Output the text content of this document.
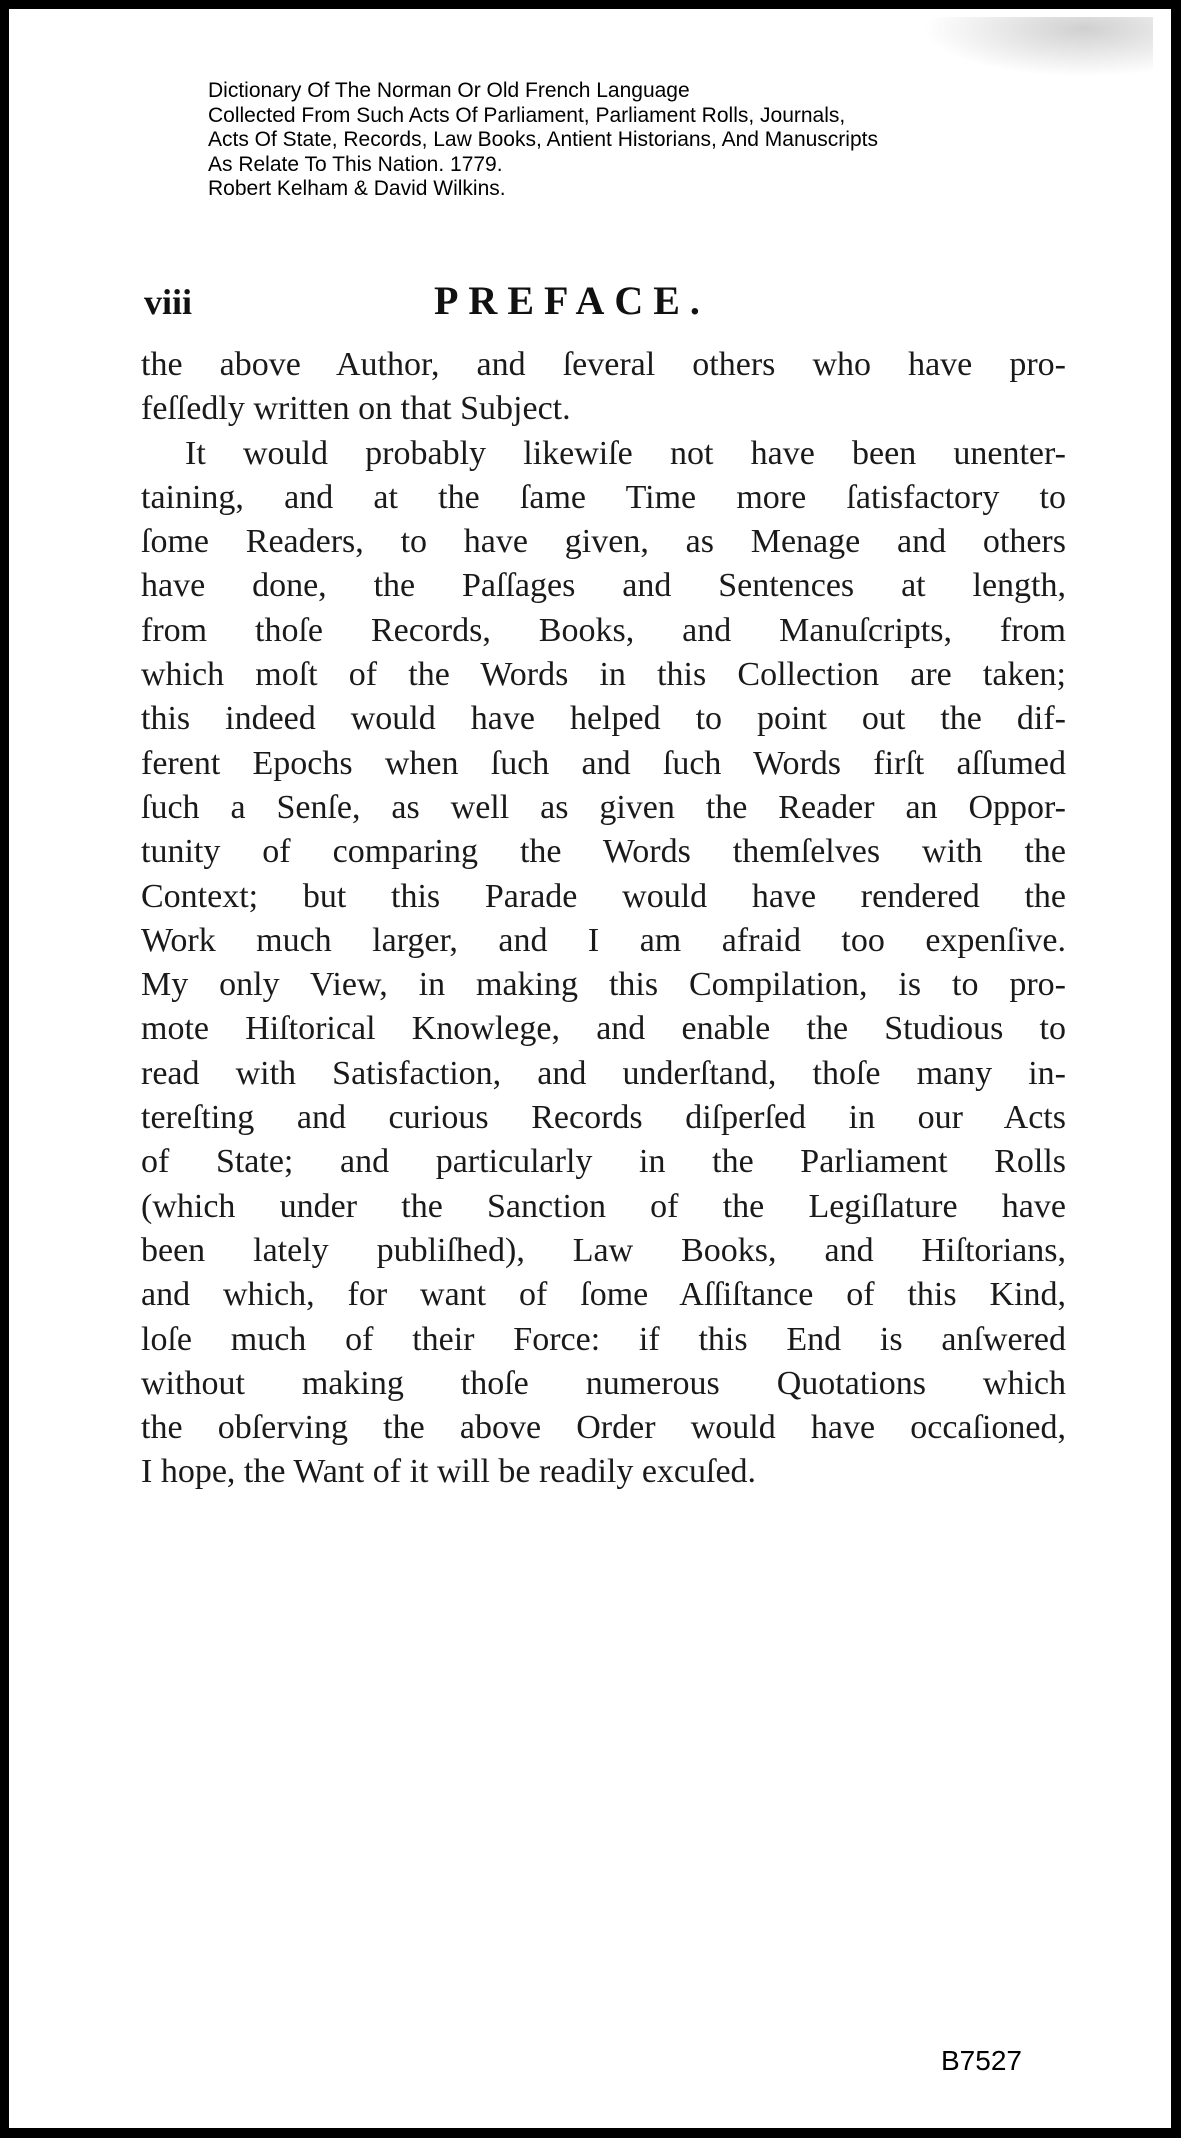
Dictionary Of The Norman Or Old French Language
Collected From Such Acts Of Parliament, Parliament Rolls, Journals,
Acts Of State, Records, Law Books, Antient Historians, And Manuscripts
As Relate To This Nation. 1779.
Robert Kelham & David Wilkins.
viii	PREFACE.
the above Author, and ſeveral others who have pro-
feſſedly written on that Subject.
It would probably likewiſe not have been unenter-
taining, and at the ſame Time more ſatisfactory to
ſome Readers, to have given, as Menage and others
have done, the Paſſages and Sentences at length,
from thoſe Records, Books, and Manuſcripts, from
which moſt of the Words in this Collection are taken;
this indeed would have helped to point out the dif-
ferent Epochs when ſuch and ſuch Words firſt aſſumed
ſuch a Senſe, as well as given the Reader an Oppor-
tunity of comparing the Words themſelves with the
Context; but this Parade would have rendered the
Work much larger, and I am afraid too expenſive.
My only View, in making this Compilation, is to pro-
mote Hiſtorical Knowlege, and enable the Studious to
read with Satisfaction, and underſtand, thoſe many in-
tereſting and curious Records diſperſed in our Acts
of State; and particularly in the Parliament Rolls
(which under the Sanction of the Legiſlature have
been lately publiſhed), Law Books, and Hiſtorians,
and which, for want of ſome Aſſiſtance of this Kind,
loſe much of their Force: if this End is anſwered
without making thoſe numerous Quotations which
the obſerving the above Order would have occaſioned,
I hope, the Want of it will be readily excuſed.
B7527
